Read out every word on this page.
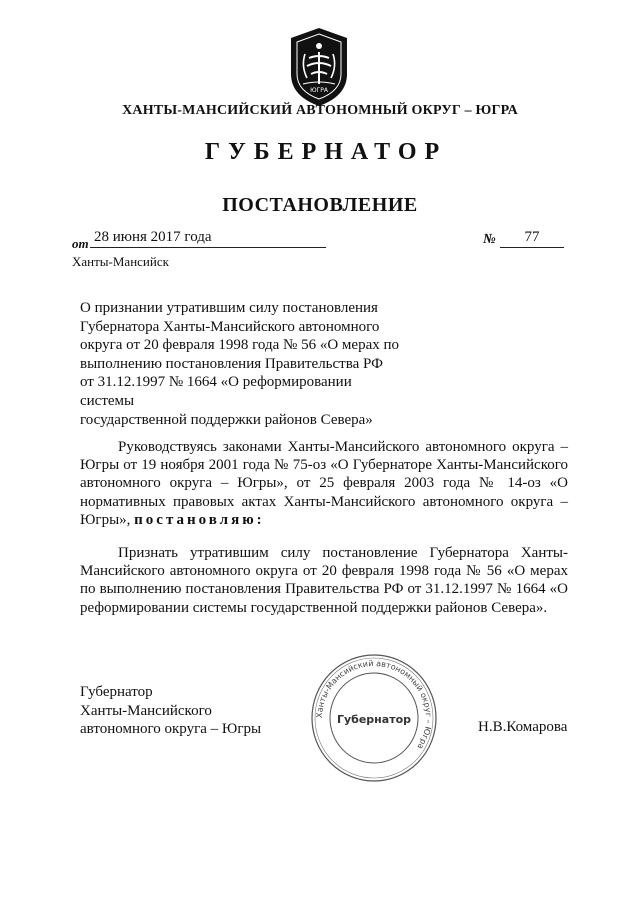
ЮГРА
ХАНТЫ-МАНСИЙСКИЙ АВТОНОМНЫЙ ОКРУГ – ЮГРА
ГУБЕРНАТОР
ПОСТАНОВЛЕНИЕ
от 28 июня 2017 года	№	77
Ханты-Мансийск
О признании утратившим силу постановления
Губернатора Ханты-Мансийского автономного
округа от 20 февраля 1998 года № 56 «О мерах по
выполнению постановления Правительства РФ
от 31.12.1997 № 1664 «О реформировании системы
государственной поддержки районов Севера»
Руководствуясь законами Ханты-Мансийского автономного округа – Югры от 19 ноября 2001 года № 75-оз «О Губернаторе Ханты-Мансийского автономного округа – Югры», от 25 февраля 2003 года № 14-оз «О нормативных правовых актах Ханты-Мансийского автономного округа – Югры», постановляю:
Признать утратившим силу постановление Губернатора Ханты-Мансийского автономного округа от 20 февраля 1998 года № 56 «О мерах по выполнению постановления Правительства РФ от 31.12.1997 № 1664 «О реформировании системы государственной поддержки районов Севера».
Губернатор
Ханты-Мансийского
автономного округа – Югры
Ханты-Мансийский автономный округ – Югра
Губернатор	Н.В.Комарова
